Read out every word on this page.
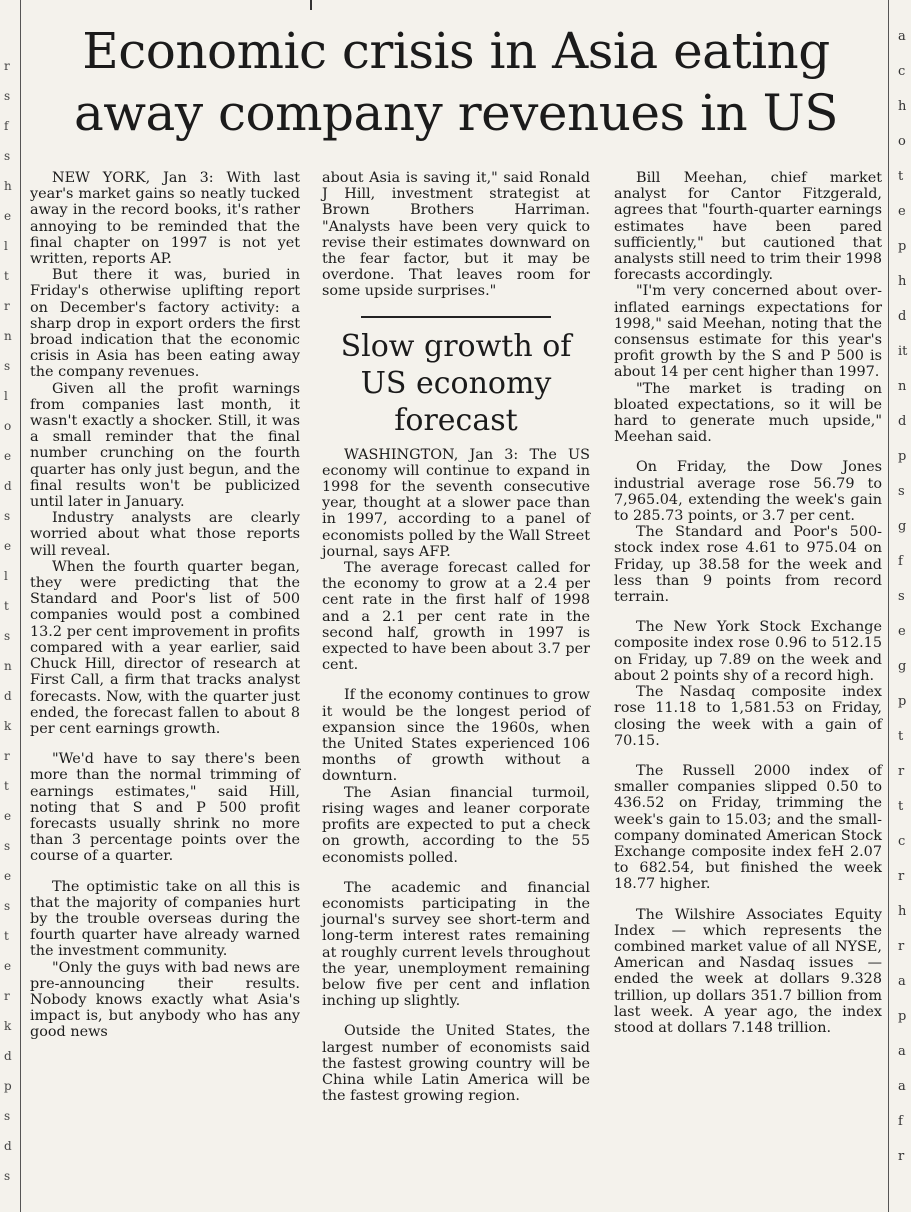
r
s
f
s
h
e
l
t
r
n
s
l
o
e
d
s
e
l
t
s
n
d
k
r
t
e
s
e
s
t
e
r
k
d
p
s
d
s
a
c
h
o
t
e
p
h
d
it
n
d
p
s
g
f
s
e
g
p
t
r
t
c
r
h
r
a
p
a
a
f
r
Economic crisis in Asia eating
away company revenues in US

NEW YORK, Jan 3: With last year's market gains so neatly tucked away in the record books, it's rather annoying to be reminded that the final chapter on 1997 is not yet written, reports AP.

But there it was, buried in Friday's otherwise uplifting report on December's factory activity: a sharp drop in export orders the first broad indication that the economic crisis in Asia has been eating away the company revenues.

Given all the profit warnings from companies last month, it wasn't exactly a shocker. Still, it was a small reminder that the final number crunching on the fourth quarter has only just begun, and the final results won't be publicized until later in January.

Industry analysts are clearly worried about what those reports will reveal.

When the fourth quarter began, they were predicting that the Standard and Poor's list of 500 companies would post a combined 13.2 per cent improvement in profits compared with a year earlier, said Chuck Hill, director of research at First Call, a firm that tracks analyst forecasts. Now, with the quarter just ended, the forecast fallen to about 8 per cent earnings growth.

"We'd have to say there's been more than the normal trimming of earnings estimates," said Hill, noting that S and P 500 profit forecasts usually shrink no more than 3 percentage points over the course of a quarter.

The optimistic take on all this is that the majority of companies hurt by the trouble overseas during the fourth quarter have already warned the investment community.

"Only the guys with bad news are pre-announcing their results. Nobody knows exactly what Asia's impact is, but anybody who has any good news

about Asia is saving it," said Ronald J Hill, investment strategist at Brown Brothers Harriman. "Analysts have been very quick to revise their estimates downward on the fear factor, but it may be overdone. That leaves room for some upside surprises."

Slow growth of US economy forecast

WASHINGTON, Jan 3: The US economy will continue to expand in 1998 for the seventh consecutive year, thought at a slower pace than in 1997, according to a panel of economists polled by the Wall Street journal, says AFP.

The average forecast called for the economy to grow at a 2.4 per cent rate in the first half of 1998 and a 2.1 per cent rate in the second half, growth in 1997 is expected to have been about 3.7 per cent.

If the economy continues to grow it would be the longest period of expansion since the 1960s, when the United States experienced 106 months of growth without a downturn.

The Asian financial turmoil, rising wages and leaner corporate profits are expected to put a check on growth, according to the 55 economists polled.

The academic and financial economists participating in the journal's survey see short-term and long-term interest rates remaining at roughly current levels throughout the year, unemployment remaining below five per cent and inflation inching up slightly.

Outside the United States, the largest number of economists said the fastest growing country will be China while Latin America will be the fastest growing region.

Bill Meehan, chief market analyst for Cantor Fitzgerald, agrees that "fourth-quarter earnings estimates have been pared sufficiently," but cautioned that analysts still need to trim their 1998 forecasts accordingly.

"I'm very concerned about over-inflated earnings expectations for 1998," said Meehan, noting that the consensus estimate for this year's profit growth by the S and P 500 is about 14 per cent higher than 1997.

"The market is trading on bloated expectations, so it will be hard to generate much upside," Meehan said.

On Friday, the Dow Jones industrial average rose 56.79 to 7,965.04, extending the week's gain to 285.73 points, or 3.7 per cent.

The Standard and Poor's 500-stock index rose 4.61 to 975.04 on Friday, up 38.58 for the week and less than 9 points from record terrain.

The New York Stock Exchange composite index rose 0.96 to 512.15 on Friday, up 7.89 on the week and about 2 points shy of a record high.

The Nasdaq composite index rose 11.18 to 1,581.53 on Friday, closing the week with a gain of 70.15.

The Russell 2000 index of smaller companies slipped 0.50 to 436.52 on Friday, trimming the week's gain to 15.03; and the small-company dominated American Stock Exchange composite index feH 2.07 to 682.54, but finished the week 18.77 higher.

The Wilshire Associates Equity Index — which represents the combined market value of all NYSE, American and Nasdaq issues — ended the week at dollars 9.328 trillion, up dollars 351.7 billion from last week. A year ago, the index stood at dollars 7.148 trillion.
